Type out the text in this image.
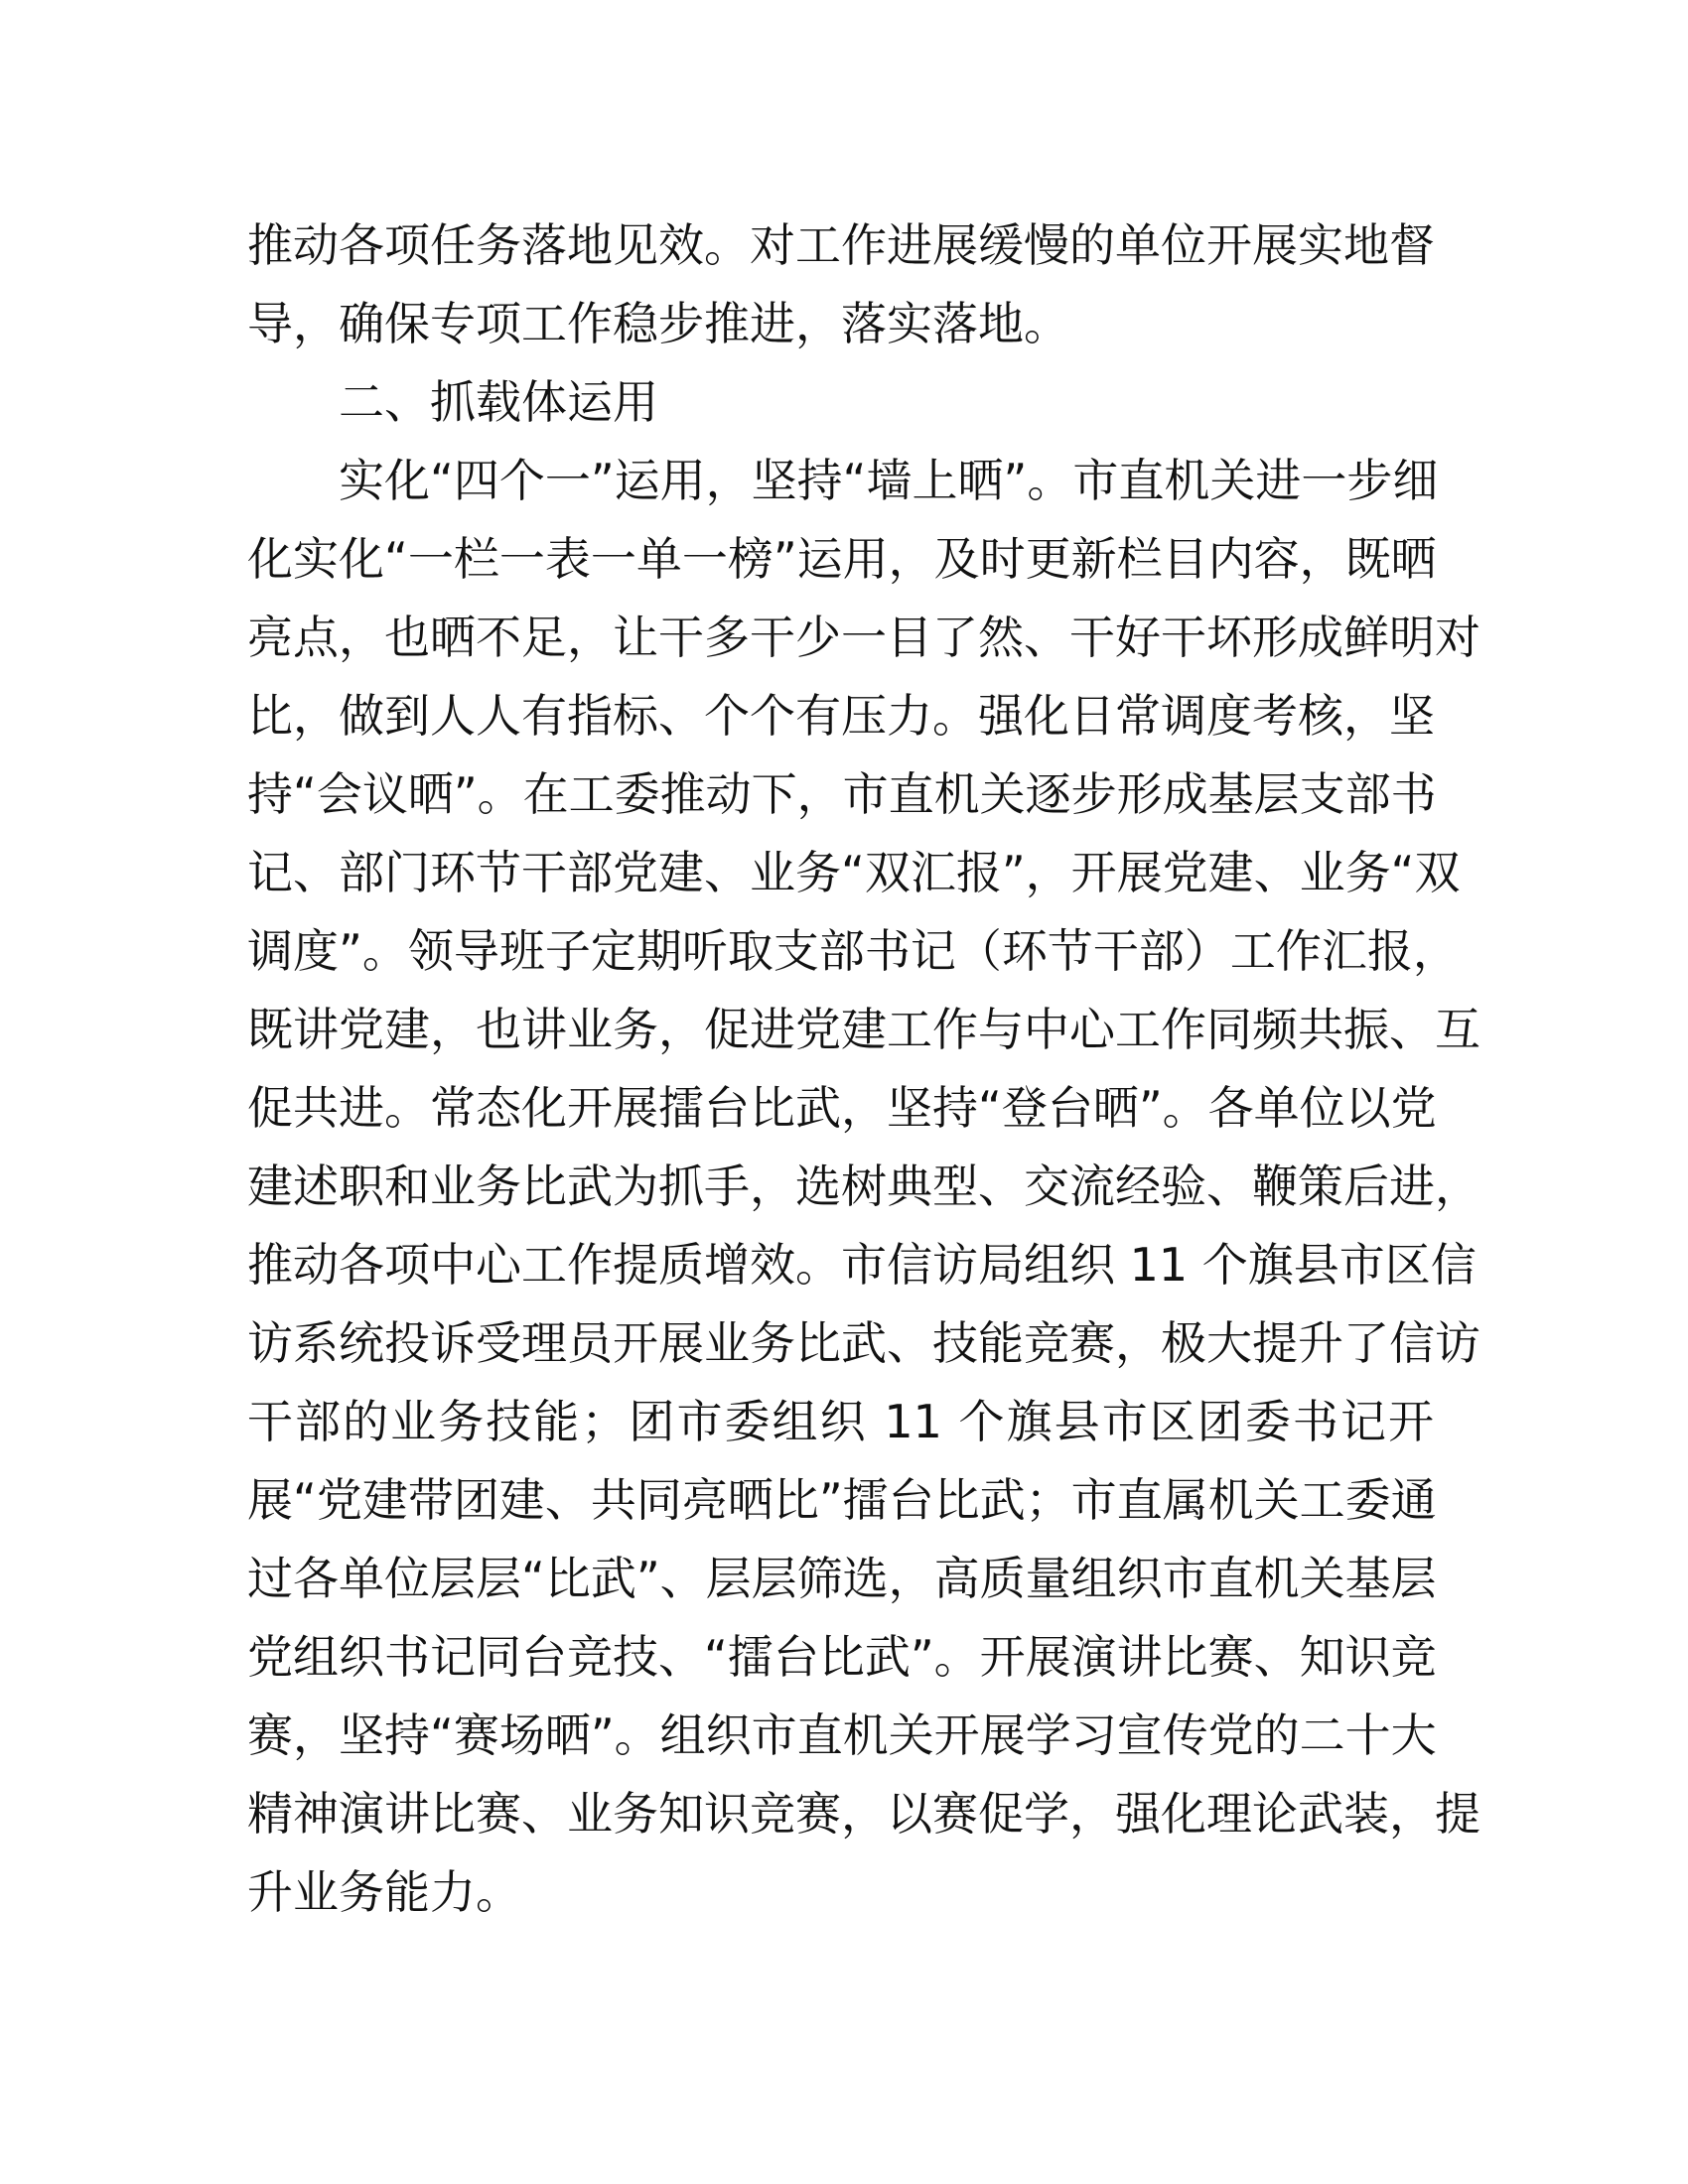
推动各项任务落地见效。对工作进展缓慢的单位开展实地督
导，确保专项工作稳步推进，落实落地。

二、抓载体运用

实化“四个一”运用，坚持“墙上晒”。市直机关进一步细
化实化“一栏一表一单一榜”运用，及时更新栏目内容，既晒
亮点，也晒不足，让干多干少一目了然、干好干坏形成鲜明对
比，做到人人有指标、个个有压力。强化日常调度考核，坚
持“会议晒”。在工委推动下，市直机关逐步形成基层支部书
记、部门环节干部党建、业务“双汇报”，开展党建、业务“双
调度”。领导班子定期听取支部书记（环节干部）工作汇报，
既讲党建，也讲业务，促进党建工作与中心工作同频共振、互
促共进。常态化开展擂台比武，坚持“登台晒”。各单位以党
建述职和业务比武为抓手，选树典型、交流经验、鞭策后进，
推动各项中心工作提质增效。市信访局组织 11 个旗县市区信
访系统投诉受理员开展业务比武、技能竞赛，极大提升了信访
干部的业务技能；团市委组织 11 个旗县市区团委书记开
展“党建带团建、共同亮晒比”擂台比武；市直属机关工委通
过各单位层层“比武”、层层筛选，高质量组织市直机关基层
党组织书记同台竞技、“擂台比武”。开展演讲比赛、知识竞
赛，坚持“赛场晒”。组织市直机关开展学习宣传党的二十大
精神演讲比赛、业务知识竞赛，以赛促学，强化理论武装，提
升业务能力。
